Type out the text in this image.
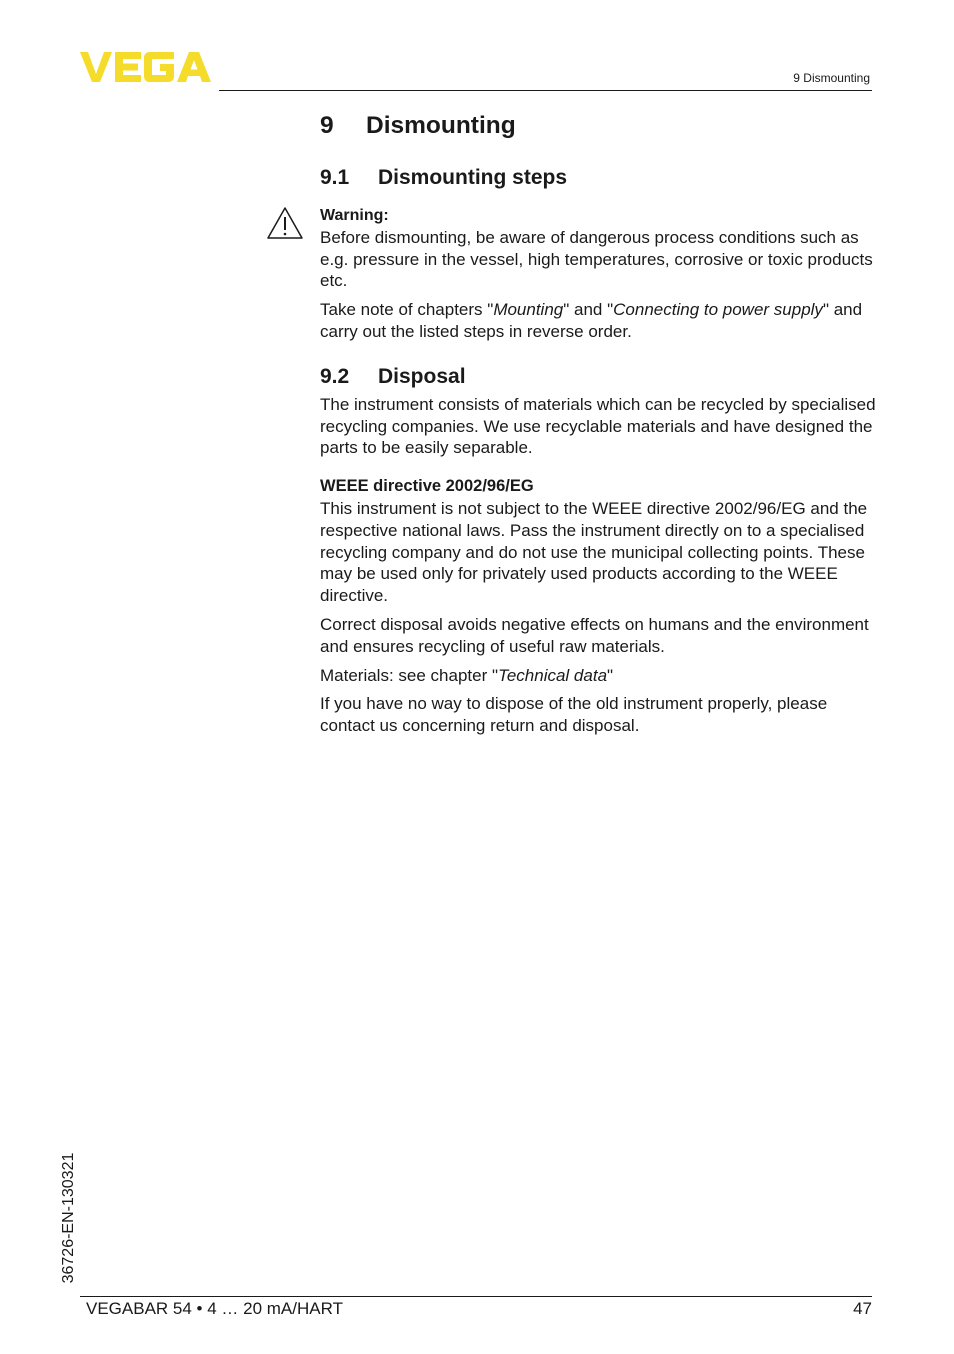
9 Dismounting
9 Dismounting
9.1 Dismounting steps

Warning:

Before dismounting, be aware of dangerous process conditions such as e.g. pressure in the vessel, high temperatures, corrosive or toxic products etc.

Take note of chapters "Mounting" and "Connecting to power supply" and carry out the listed steps in reverse order.

9.2 Disposal

The instrument consists of materials which can be recycled by specialised recycling companies. We use recyclable materials and have designed the parts to be easily separable.

WEEE directive 2002/96/EG

This instrument is not subject to the WEEE directive 2002/96/EG and the respective national laws. Pass the instrument directly on to a specialised recycling company and do not use the municipal collecting points. These may be used only for privately used products according to the WEEE directive.

Correct disposal avoids negative effects on humans and the environment and ensures recycling of useful raw materials.

Materials: see chapter "Technical data"

If you have no way to dispose of the old instrument properly, please contact us concerning return and disposal.

36726-EN-130321
VEGABAR 54 • 4 … 20 mA/HART	47
